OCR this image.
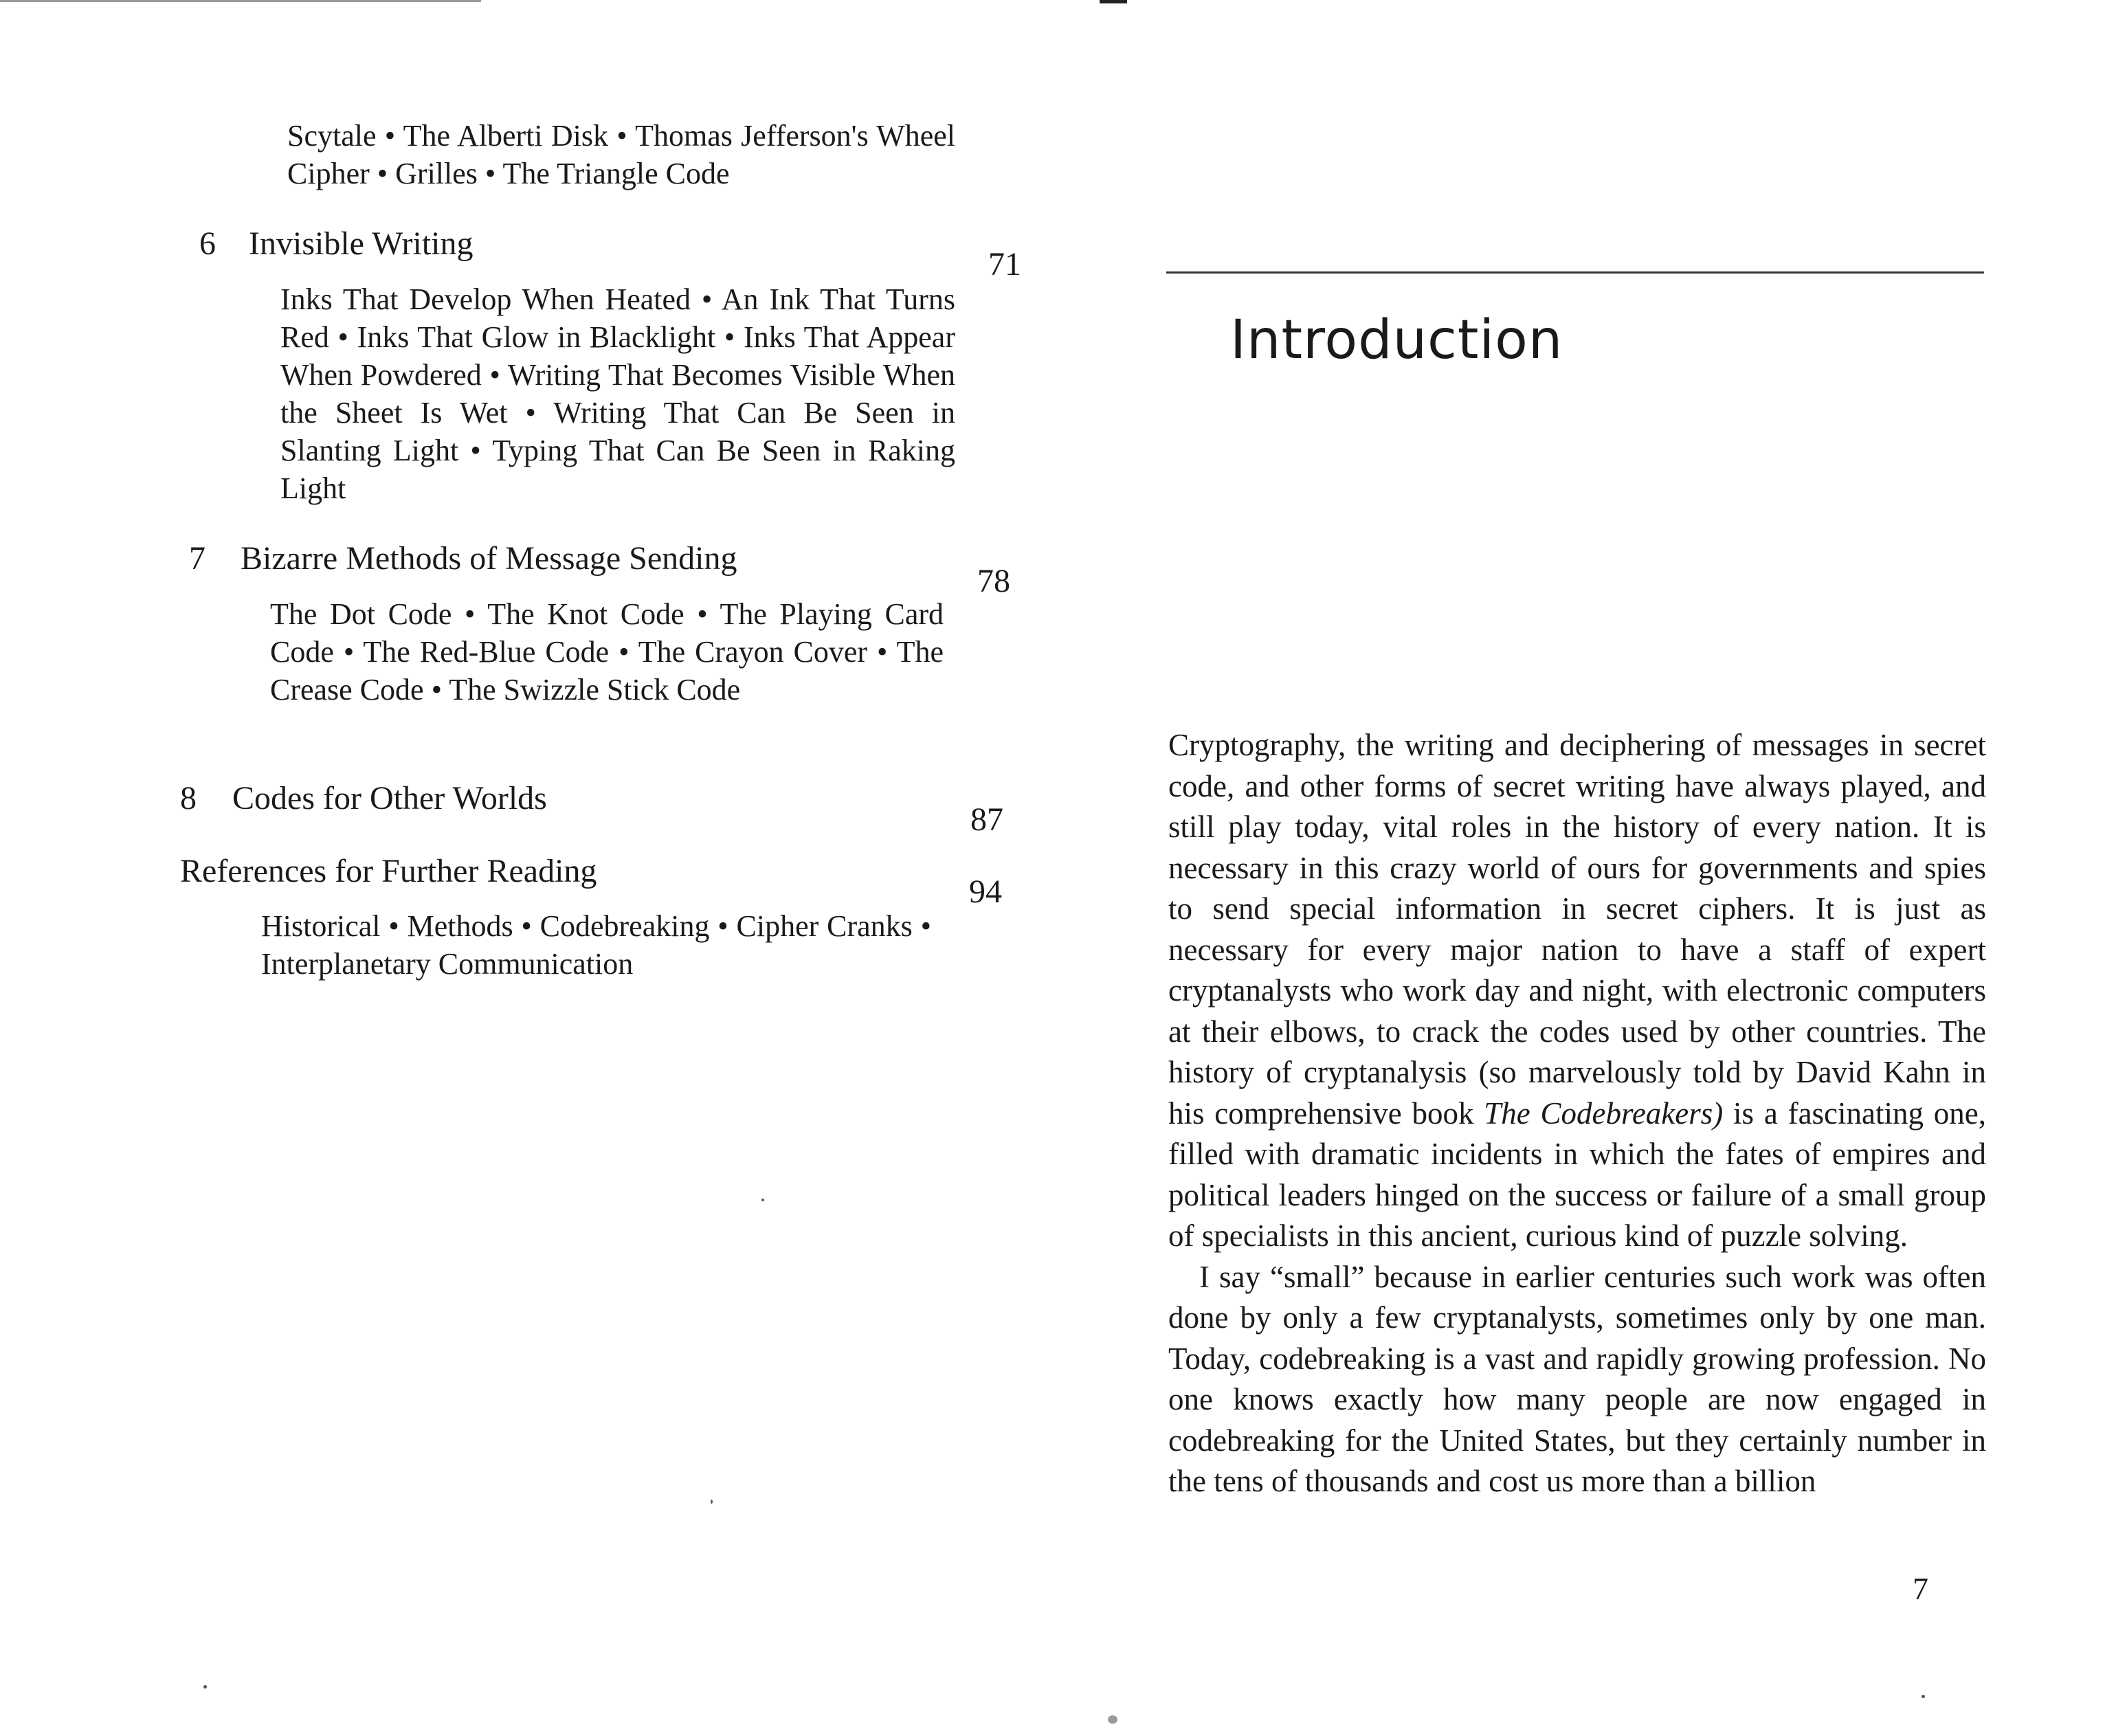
Scytale • The Alberti Disk • Thomas Jefferson's Wheel Cipher • Grilles • The Triangle Code
6 Invisible Writing
71
Inks That Develop When Heated • An Ink That Turns Red • Inks That Glow in Blacklight • Inks That Appear When Powdered • Writing That Becomes Visible When the Sheet Is Wet • Writing That Can Be Seen in Slanting Light • Typing That Can Be Seen in Raking Light
7 Bizarre Methods of Message Sending
78
The Dot Code • The Knot Code • The Playing Card Code • The Red-Blue Code • The Crayon Cover • The Crease Code • The Swizzle Stick Code
8 Codes for Other Worlds
87
References for Further Reading
94
Historical • Methods • Codebreaking • Cipher Cranks • Interplanetary Communication
Introduction

Cryptography, the writing and deciphering of messages in secret code, and other forms of secret writing have always played, and still play today, vital roles in the history of every nation. It is necessary in this crazy world of ours for governments and spies to send special information in secret ciphers. It is just as necessary for every major nation to have a staff of expert cryptanalysts who work day and night, with electronic computers at their elbows, to crack the codes used by other countries. The history of cryptanalysis (so marvelously told by David Kahn in his comprehensive book The Codebreakers) is a fascinating one, filled with dramatic incidents in which the fates of empires and political leaders hinged on the success or failure of a small group of specialists in this ancient, curious kind of puzzle solving.

I say “small” because in earlier centuries such work was often done by only a few cryptanalysts, sometimes only by one man. Today, codebreaking is a vast and rapidly growing profession. No one knows exactly how many people are now engaged in codebreaking for the United States, but they certainly number in the tens of thousands and cost us more than a billion

7
